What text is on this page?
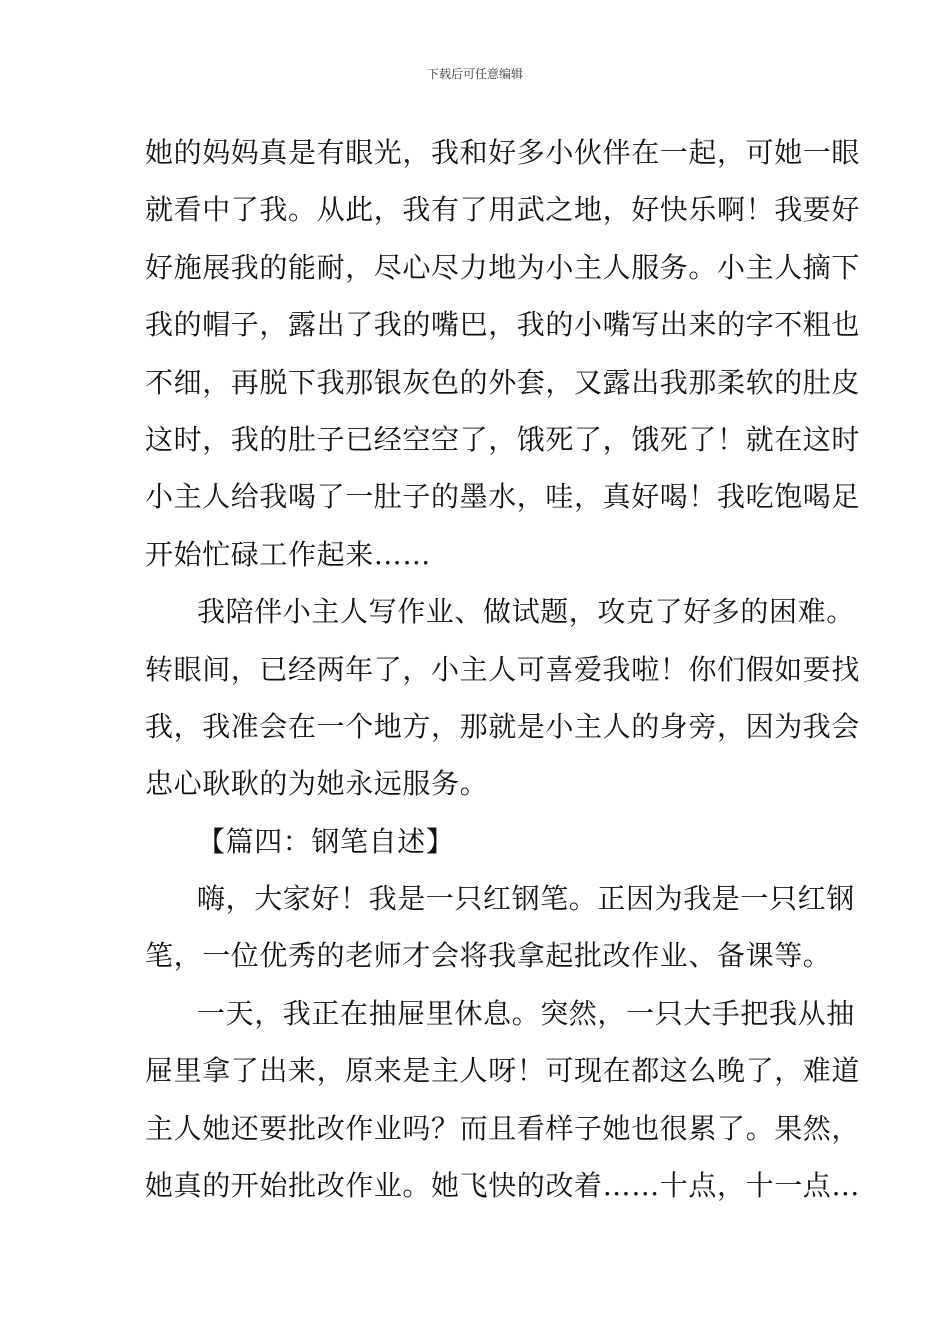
下载后可任意编辑
她的妈妈真是有眼光，我和好多小伙伴在一起，可她一眼
就看中了我。从此，我有了用武之地，好快乐啊！我要好
好施展我的能耐，尽心尽力地为小主人服务。小主人摘下
我的帽子，露出了我的嘴巴，我的小嘴写出来的字不粗也
不细，再脱下我那银灰色的外套，又露出我那柔软的肚皮
这时，我的肚子已经空空了，饿死了，饿死了！就在这时
小主人给我喝了一肚子的墨水，哇，真好喝！我吃饱喝足
开始忙碌工作起来……
我陪伴小主人写作业、做试题，攻克了好多的困难。
转眼间，已经两年了，小主人可喜爱我啦！你们假如要找
我，我准会在一个地方，那就是小主人的身旁，因为我会
忠心耿耿的为她永远服务。
【篇四：钢笔自述】
嗨，大家好！我是一只红钢笔。正因为我是一只红钢
笔，一位优秀的老师才会将我拿起批改作业、备课等。
一天，我正在抽屉里休息。突然，一只大手把我从抽
屉里拿了出来，原来是主人呀！可现在都这么晚了，难道
主人她还要批改作业吗？而且看样子她也很累了。果然，
她真的开始批改作业。她飞快的改着……十点，十一点…
